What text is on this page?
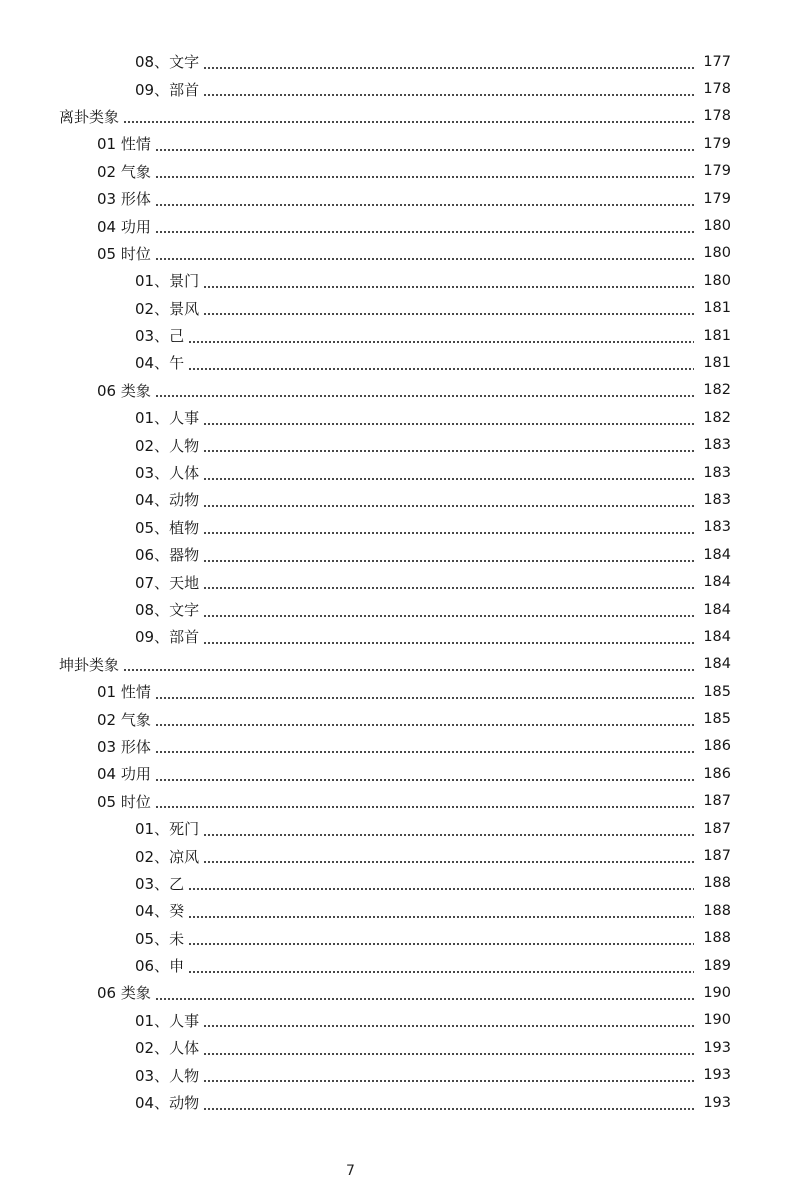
08、文字	177
09、部首	178
离卦类象	178
01 性情	179
02 气象	179
03 形体	179
04 功用	180
05 时位	180
01、景门	180
02、景风	181
03、己	181
04、午	181
06 类象	182
01、人事	182
02、人物	183
03、人体	183
04、动物	183
05、植物	183
06、器物	184
07、天地	184
08、文字	184
09、部首	184
坤卦类象	184
01 性情	185
02 气象	185
03 形体	186
04 功用	186
05 时位	187
01、死门	187
02、凉风	187
03、乙	188
04、癸	188
05、未	188
06、申	189
06 类象	190
01、人事	190
02、人体	193
03、人物	193
04、动物	193
7
